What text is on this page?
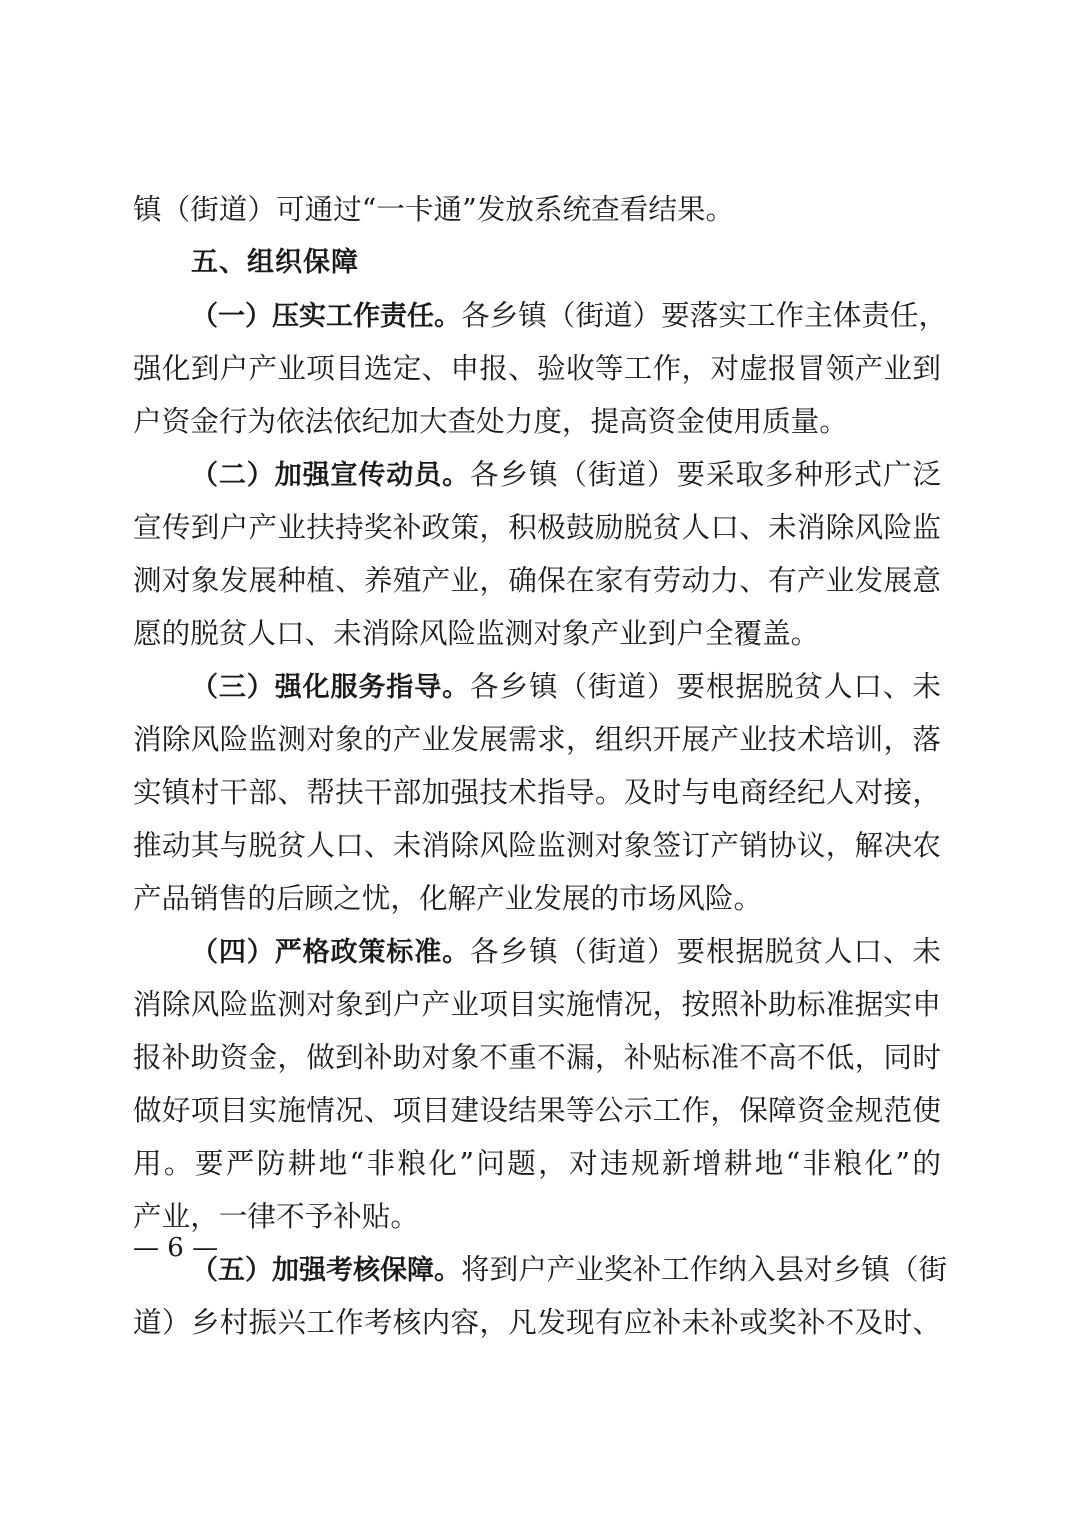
镇（街道）可通过“一卡通”发放系统查看结果。
五、组织保障
（一）压实工作责任。各乡镇（街道）要落实工作主体责任，
强化到户产业项目选定、申报、验收等工作，对虚报冒领产业到
户资金行为依法依纪加大查处力度，提高资金使用质量。
（二）加强宣传动员。各乡镇（街道）要采取多种形式广泛
宣传到户产业扶持奖补政策，积极鼓励脱贫人口、未消除风险监
测对象发展种植、养殖产业，确保在家有劳动力、有产业发展意
愿的脱贫人口、未消除风险监测对象产业到户全覆盖。
（三）强化服务指导。各乡镇（街道）要根据脱贫人口、未
消除风险监测对象的产业发展需求，组织开展产业技术培训，落
实镇村干部、帮扶干部加强技术指导。及时与电商经纪人对接，
推动其与脱贫人口、未消除风险监测对象签订产销协议，解决农
产品销售的后顾之忧，化解产业发展的市场风险。
（四）严格政策标准。各乡镇（街道）要根据脱贫人口、未
消除风险监测对象到户产业项目实施情况，按照补助标准据实申
报补助资金，做到补助对象不重不漏，补贴标准不高不低，同时
做好项目实施情况、项目建设结果等公示工作，保障资金规范使
用。要严防耕地“非粮化”问题，对违规新增耕地“非粮化”的
产业，一律不予补贴。
（五）加强考核保障。将到户产业奖补工作纳入县对乡镇（街
道）乡村振兴工作考核内容，凡发现有应补未补或奖补不及时、
— 6 —
